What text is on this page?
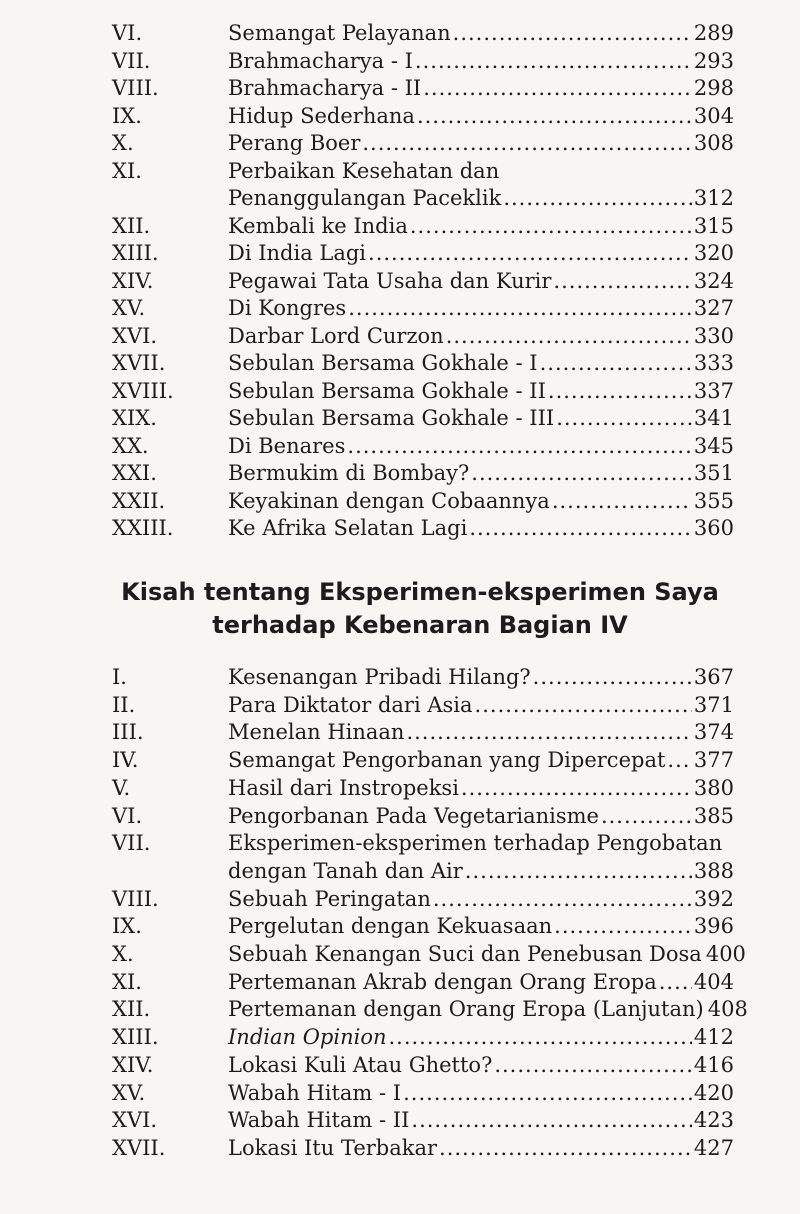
VI.	Semangat Pelayanan .....	289
VII.	Brahmacharya - I .....	293
VIII.	Brahmacharya - II .....	298
IX.	Hidup Sederhana .....	304
X.	Perang Boer .....	308
XI.	Perbaikan Kesehatan dan
Penanggulangan Paceklik .....	312
XII.	Kembali ke India .....	315
XIII.	Di India Lagi .....	320
XIV.	Pegawai Tata Usaha dan Kurir .....	324
XV.	Di Kongres .....	327
XVI.	Darbar Lord Curzon .....	330
XVII.	Sebulan Bersama Gokhale - I .....	333
XVIII.	Sebulan Bersama Gokhale - II .....	337
XIX.	Sebulan Bersama Gokhale - III .....	341
XX.	Di Benares .....	345
XXI.	Bermukim di Bombay? .....	351
XXII.	Keyakinan dengan Cobaannya .....	355
XXIII.	Ke Afrika Selatan Lagi .....	360
Kisah tentang Eksperimen-eksperimen Saya
terhadap Kebenaran Bagian IV
I.	Kesenangan Pribadi Hilang? .....	367
II.	Para Diktator dari Asia .....	371
III.	Menelan Hinaan .....	374
IV.	Semangat Pengorbanan yang Dipercepat ..... 377
V.	Hasil dari Instropeksi .....	380
VI.	Pengorbanan Pada Vegetarianisme .....	385
VII.	Eksperimen-eksperimen terhadap Pengobatan
dengan Tanah dan Air .....	388
VIII.	Sebuah Peringatan .....	392
IX.	Pergelutan dengan Kekuasaan .....	396
X.	Sebuah Kenangan Suci dan Penebusan Dosa 400
XI.	Pertemanan Akrab dengan Orang Eropa ..... 404
XII.	Pertemanan dengan Orang Eropa (Lanjutan) 408
XIII.	Indian Opinion .....	412
XIV.	Lokasi Kuli Atau Ghetto? .....	416
XV.	Wabah Hitam - I .....	420
XVI.	Wabah Hitam - II .....	423
XVII.	Lokasi Itu Terbakar .....	427
